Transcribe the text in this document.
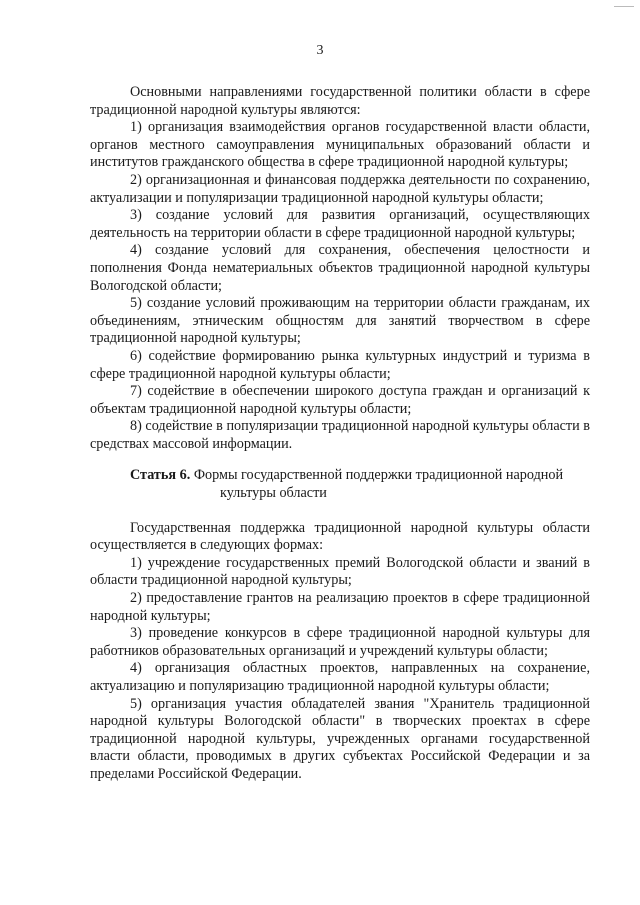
3

Основными направлениями государственной политики области в сфере традиционной народной культуры являются:

1) организация взаимодействия органов государственной власти области, органов местного самоуправления муниципальных образований области и институтов гражданского общества в сфере традиционной народной культуры;

2) организационная и финансовая поддержка деятельности по сохранению, актуализации и популяризации традиционной народной культуры области;

3) создание условий для развития организаций, осуществляющих деятельность на территории области в сфере традиционной народной культуры;

4) создание условий для сохранения, обеспечения целостности и пополнения Фонда нематериальных объектов традиционной народной культуры Вологодской области;

5) создание условий проживающим на территории области гражданам, их объединениям, этническим общностям для занятий творчеством в сфере традиционной народной культуры;

6) содействие формированию рынка культурных индустрий и туризма в сфере традиционной народной культуры области;

7) содействие в обеспечении широкого доступа граждан и организаций к объектам традиционной народной культуры области;

8) содействие в популяризации традиционной народной культуры области в средствах массовой информации.

Статья 6. Формы государственной поддержки традиционной народной
культуры области

Государственная поддержка традиционной народной культуры области осуществляется в следующих формах:

1) учреждение государственных премий Вологодской области и званий в области традиционной народной культуры;

2) предоставление грантов на реализацию проектов в сфере традиционной народной культуры;

3) проведение конкурсов в сфере традиционной народной культуры для работников образовательных организаций и учреждений культуры области;

4) организация областных проектов, направленных на сохранение, актуализацию и популяризацию традиционной народной культуры области;

5) организация участия обладателей звания "Хранитель традиционной народной культуры Вологодской области" в творческих проектах в сфере традиционной народной культуры, учрежденных органами государственной власти области, проводимых в других субъектах Российской Федерации и за пределами Российской Федерации.
